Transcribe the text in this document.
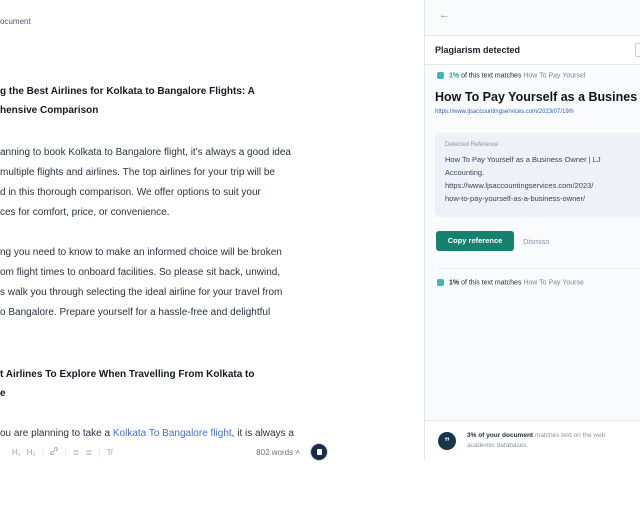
ocument
g the Best Airlines for Kolkata to Bangalore Flights: A
hensive Comparison
anning to book Kolkata to Bangalore flight, it's always a good idea
multiple flights and airlines. The top airlines for your trip will be
d in this thorough comparison. We offer options to suit your
ces for comfort, price, or convenience.
ng you need to know to make an informed choice will be broken
om flight times to onboard facilities. So please sit back, unwind,
s walk you through selecting the ideal airline for your travel from
o Bangalore. Prepare yourself for a hassle-free and delightful
t Airlines To Explore When Travelling From Kolkata to
e
ou are planning to take a Kolkata To Bangalore flight, it is always a
H₁ H₂ |	| ≣ ≣ | T̸	802 words ˄
←
Plagiarism detected
1% of this text matches How To Pay Yoursel
How To Pay Yourself as a Busines
https://www.ljsaccountingservices.com/2023/07/19/h
Detected Reference
How To Pay Yourself as a Business Owner | LJ
Accounting.
https://www.ljsaccountingservices.com/2023/
how-to-pay-yourself-as-a-business-owner/
Copy reference	Dismiss
1% of this text matches How To Pay Yourse
”
3% of your document matches text on the web
academic databases.
